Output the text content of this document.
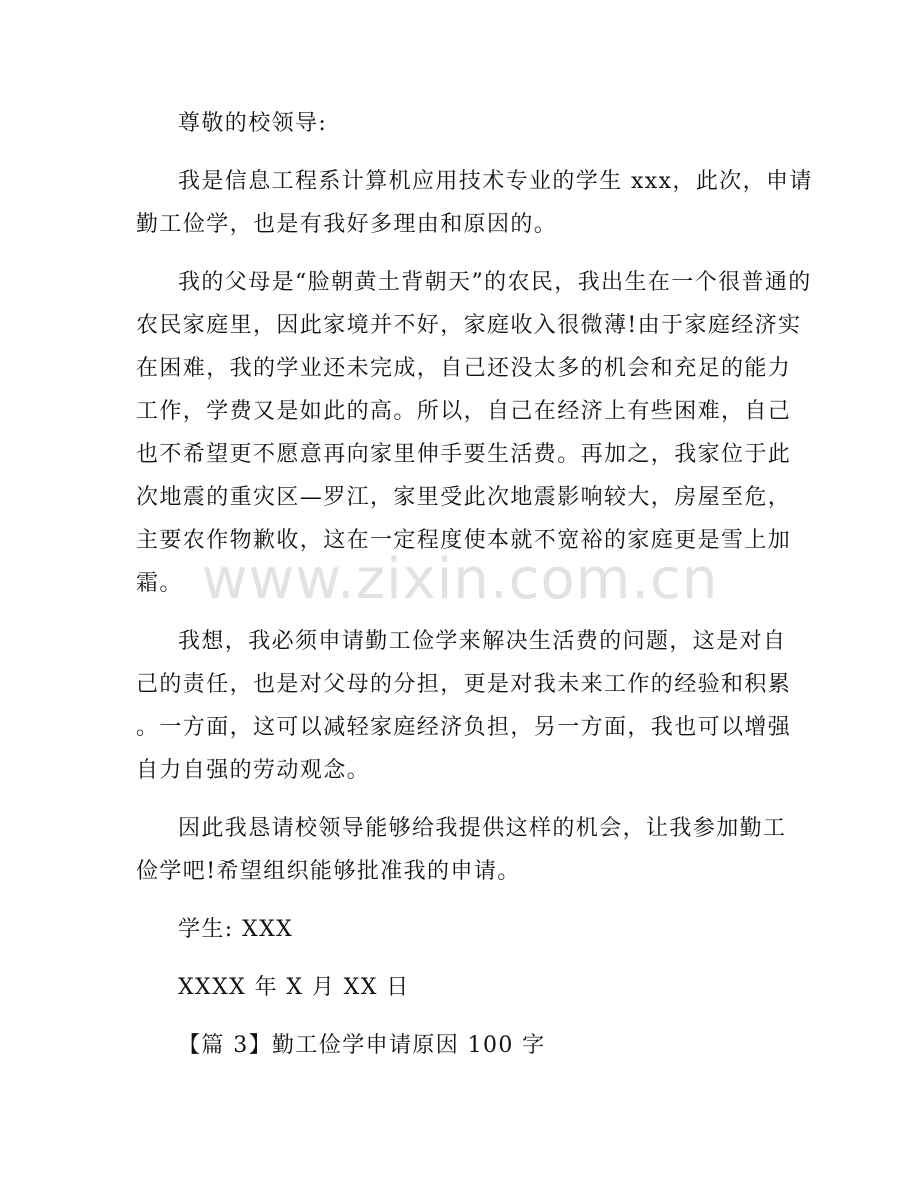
尊敬的校领导:
我是信息工程系计算机应用技术专业的学生 xxx，此次，申请
勤工俭学，也是有我好多理由和原因的。
我的父母是“脸朝黄土背朝天”的农民，我出生在一个很普通的
农民家庭里，因此家境并不好，家庭收入很微薄!由于家庭经济实
在困难，我的学业还未完成，自己还没太多的机会和充足的能力
工作，学费又是如此的高。所以，自己在经济上有些困难，自己
也不希望更不愿意再向家里伸手要生活费。再加之，我家位于此
次地震的重灾区—罗江，家里受此次地震影响较大，房屋至危，
主要农作物歉收，这在一定程度使本就不宽裕的家庭更是雪上加
霜。
我想，我必须申请勤工俭学来解决生活费的问题，这是对自
己的责任，也是对父母的分担，更是对我未来工作的经验和积累
。一方面，这可以减轻家庭经济负担，另一方面，我也可以增强
自力自强的劳动观念。
因此我恳请校领导能够给我提供这样的机会，让我参加勤工
俭学吧!希望组织能够批准我的申请。
学生: XXX
XXXX 年 X 月 XX 日
【篇 3】勤工俭学申请原因 100 字
www.zixin.com.cn
